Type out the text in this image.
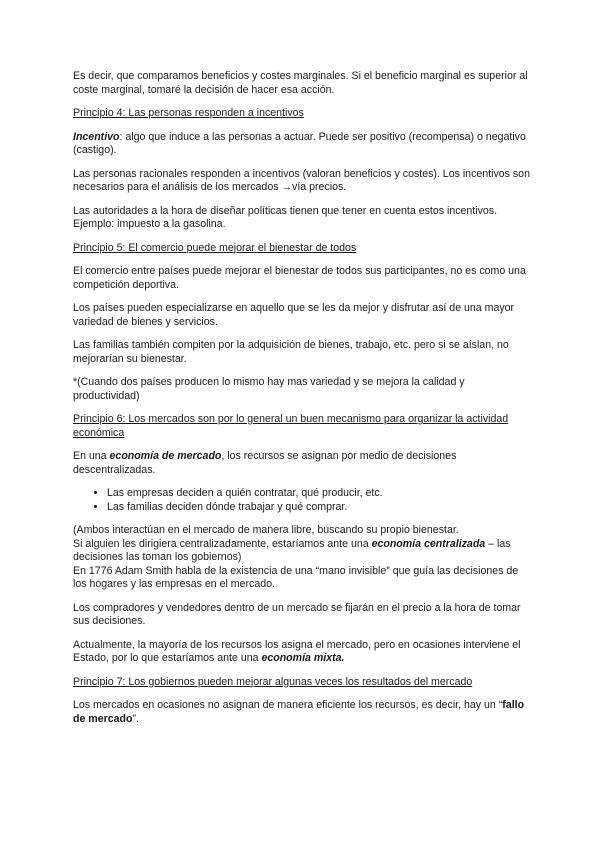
Es decir, que comparamos beneficios y costes marginales. Si el beneficio marginal es superior al coste marginal, tomaré la decisión de hacer esa acción.

Principio 4: Las personas responden a incentivos

Incentivo: algo que induce a las personas a actuar. Puede ser positivo (recompensa) o negativo (castigo).

Las personas racionales responden a incentivos (valoran beneficios y costes). Los incentivos son necesarios para el análisis de los mercados →vía precios.

Las autoridades a la hora de diseñar políticas tienen que tener en cuenta estos incentivos. Ejemplo: impuesto a la gasolina.

Principio 5: El comercio puede mejorar el bienestar de todos

El comercio entre países puede mejorar el bienestar de todos sus participantes, no es como una competición deportiva.

Los países pueden especializarse en aquello que se les da mejor y disfrutar así de una mayor variedad de bienes y servicios.

Las familias también compiten por la adquisición de bienes, trabajo, etc. pero si se aíslan, no mejorarían su bienestar.

*(Cuando dos países producen lo mismo hay mas variedad y se mejora la calidad y productividad)

Principio 6: Los mercados son por lo general un buen mecanismo para organizar la actividad económica

En una economía de mercado, los recursos se asignan por medio de decisiones descentralizadas.

• Las empresas deciden a quién contratar, qué producir, etc.
• Las familias deciden dónde trabajar y qué comprar.

(Ambos interactúan en el mercado de manera libre, buscando su propio bienestar.
Si alguien les dirigiera centralizadamente, estaríamos ante una economía centralizada – las decisiones las toman los gobiernos)
En 1776 Adam Smith habla de la existencia de una “mano invisible” que guía las decisiones de los hogares y las empresas en el mercado.

Los compradores y vendedores dentro de un mercado se fijarán en el precio a la hora de tomar sus decisiones.

Actualmente, la mayoría de los recursos los asigna el mercado, pero en ocasiones interviene el Estado, por lo que estaríamos ante una economía mixta.

Principio 7: Los gobiernos pueden mejorar algunas veces los resultados del mercado

Los mercados en ocasiones no asignan de manera eficiente los recursos, es decir, hay un “fallo de mercado”.
